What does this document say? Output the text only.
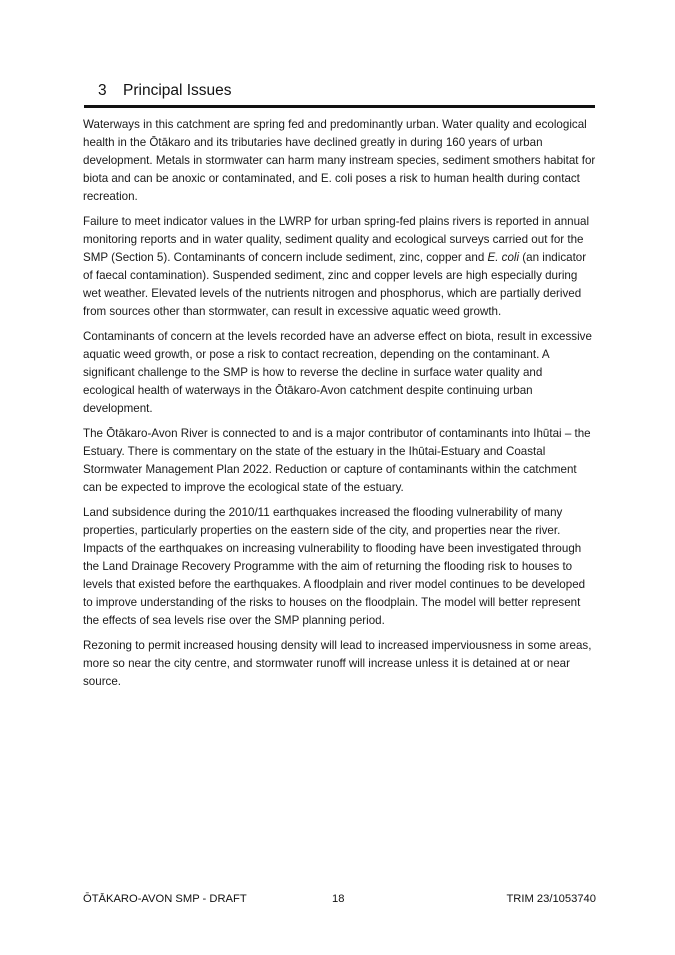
3 Principal Issues

Waterways in this catchment are spring fed and predominantly urban. Water quality and ecological health in the Ōtākaro and its tributaries have declined greatly in during 160 years of urban development. Metals in stormwater can harm many instream species, sediment smothers habitat for biota and can be anoxic or contaminated, and E. coli poses a risk to human health during contact recreation.

Failure to meet indicator values in the LWRP for urban spring-fed plains rivers is reported in annual monitoring reports and in water quality, sediment quality and ecological surveys carried out for the SMP (Section 5). Contaminants of concern include sediment, zinc, copper and E. coli (an indicator of faecal contamination). Suspended sediment, zinc and copper levels are high especially during wet weather. Elevated levels of the nutrients nitrogen and phosphorus, which are partially derived from sources other than stormwater, can result in excessive aquatic weed growth.

Contaminants of concern at the levels recorded have an adverse effect on biota, result in excessive aquatic weed growth, or pose a risk to contact recreation, depending on the contaminant. A significant challenge to the SMP is how to reverse the decline in surface water quality and ecological health of waterways in the Ōtākaro-Avon catchment despite continuing urban development.

The Ōtākaro-Avon River is connected to and is a major contributor of contaminants into Ihūtai – the Estuary. There is commentary on the state of the estuary in the Ihūtai-Estuary and Coastal Stormwater Management Plan 2022. Reduction or capture of contaminants within the catchment can be expected to improve the ecological state of the estuary.

Land subsidence during the 2010/11 earthquakes increased the flooding vulnerability of many properties, particularly properties on the eastern side of the city, and properties near the river. Impacts of the earthquakes on increasing vulnerability to flooding have been investigated through the Land Drainage Recovery Programme with the aim of returning the flooding risk to houses to levels that existed before the earthquakes. A floodplain and river model continues to be developed to improve understanding of the risks to houses on the floodplain. The model will better represent the effects of sea levels rise over the SMP planning period.

Rezoning to permit increased housing density will lead to increased imperviousness in some areas, more so near the city centre, and stormwater runoff will increase unless it is detained at or near source.

ŌTĀKARO-AVON SMP - DRAFT	18	TRIM 23/1053740
